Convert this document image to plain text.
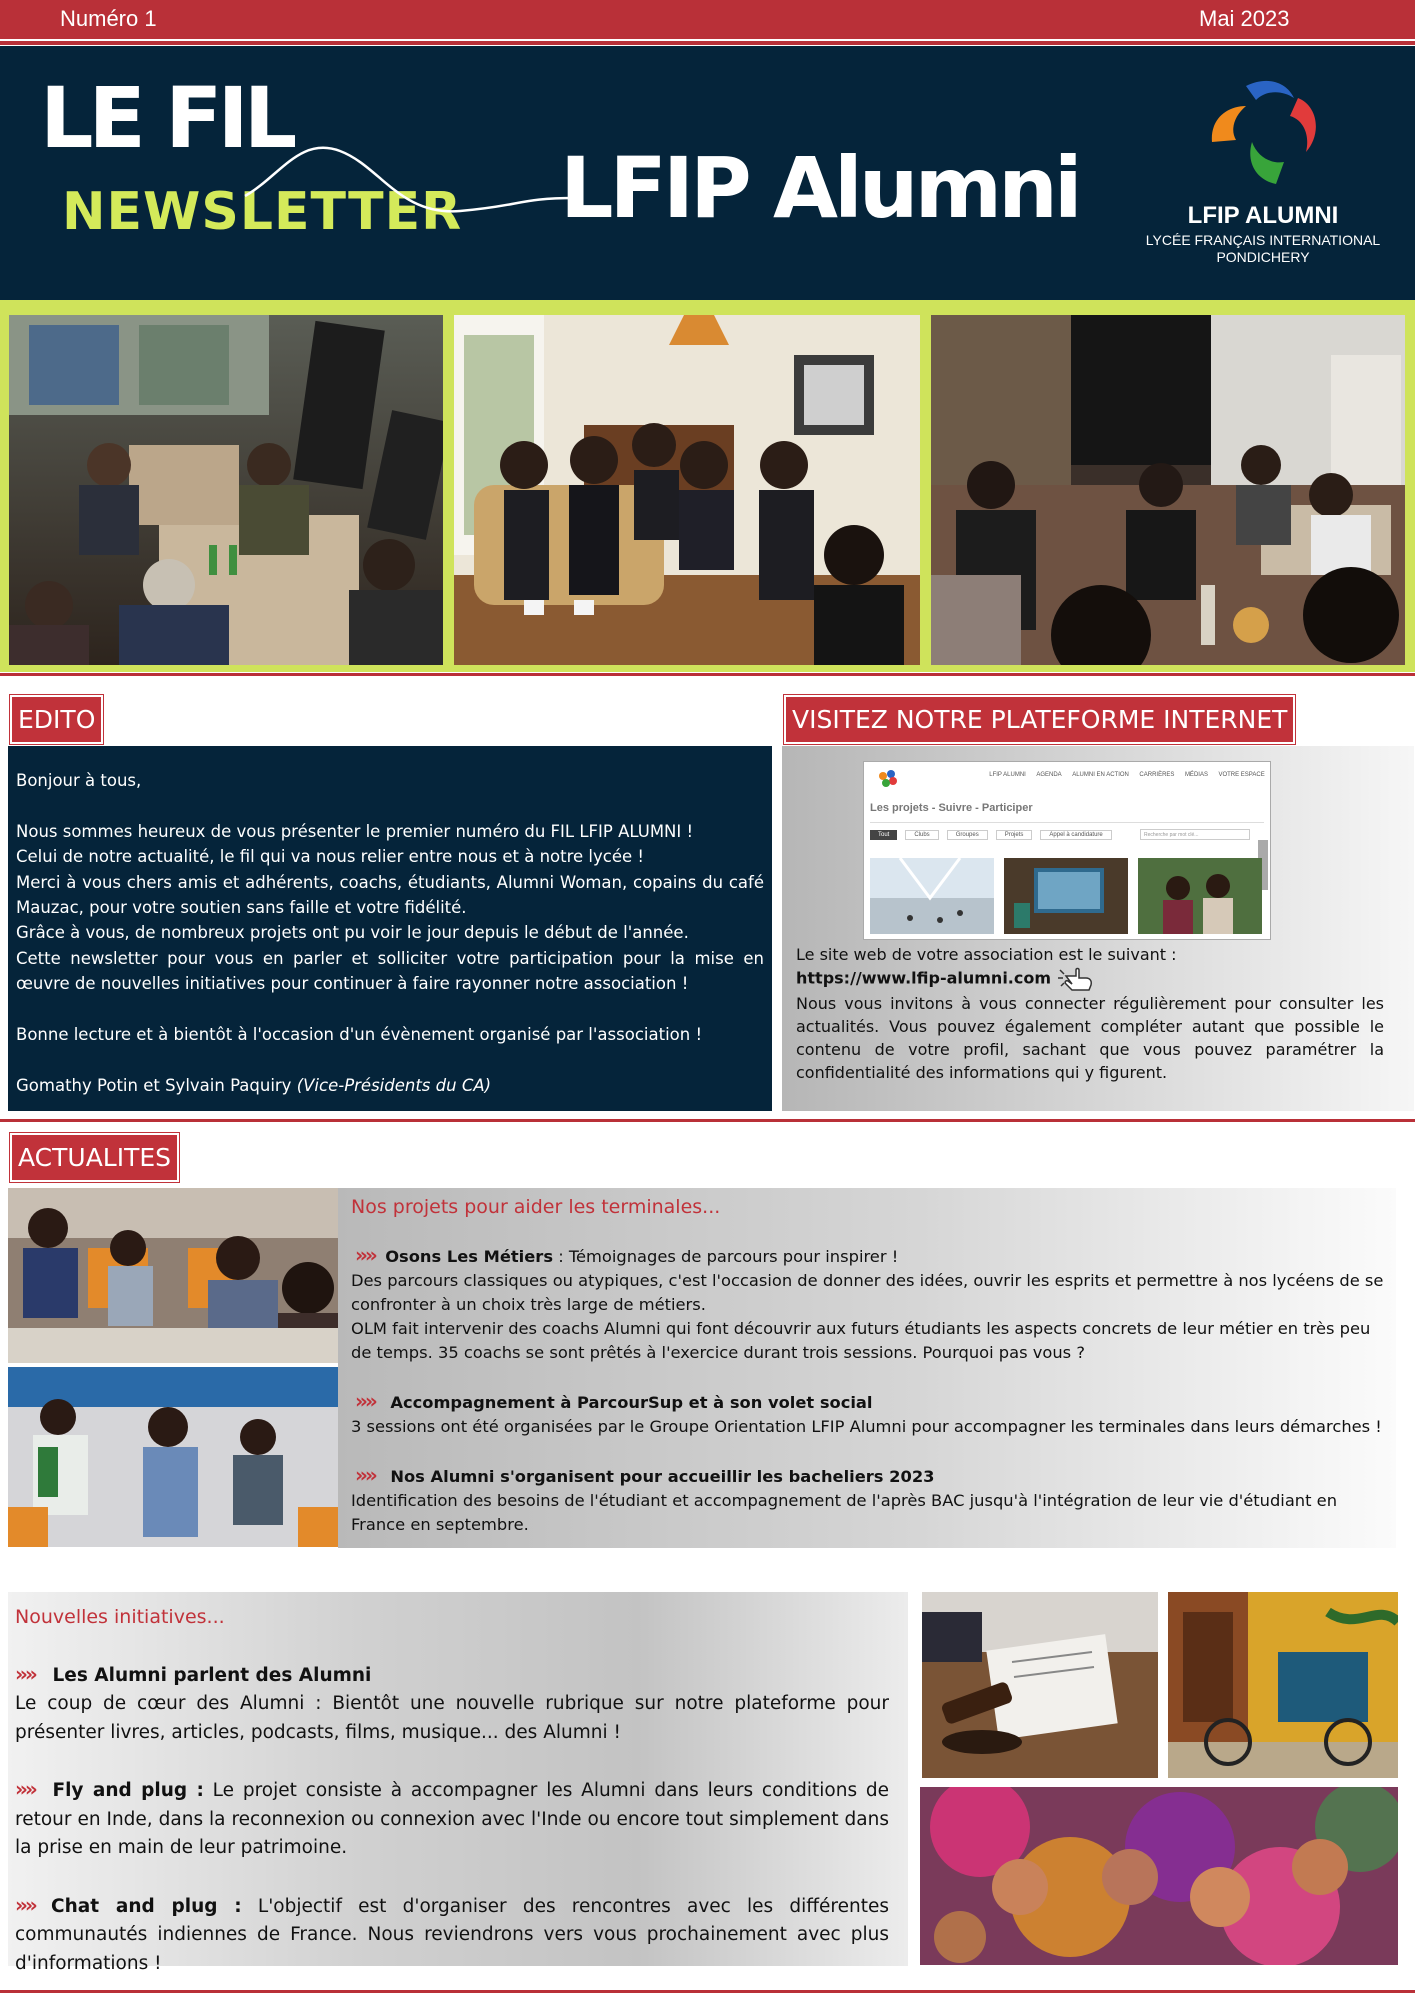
Numéro 1	Mai 2023
LE FIL
NEWSLETTER LFIP Alumni	LFIP ALUMNI
LYCÉE FRANÇAIS INTERNATIONAL
PONDICHERY
EDITO

Bonjour à tous,

Nous sommes heureux de vous présenter le premier numéro du FIL LFIP ALUMNI !

Celui de notre actualité, le fil qui va nous relier entre nous et à notre lycée !

Merci à vous chers amis et adhérents, coachs, étudiants, Alumni Woman, copains du café Mauzac, pour votre soutien sans faille et votre fidélité.

Grâce à vous, de nombreux projets ont pu voir le jour depuis le début de l'année.

Cette newsletter pour vous en parler et solliciter votre participation pour la mise en œuvre de nouvelles initiatives pour continuer à faire rayonner notre association !

Bonne lecture et à bientôt à l'occasion d'un évènement organisé par l'association !

Gomathy Potin et Sylvain Paquiry (Vice-Présidents du CA)

VISITEZ NOTRE PLATEFORME INTERNET
LFIP ALUMNI AGENDA ALUMNI EN ACTION CARRIÈRES MÉDIAS VOTRE ESPACE
Les projets - Suivre - Participer
Tout	Clubs	Groupes	Projets	Appel à candidature	Recherche par mot clé...

Le site web de votre association est le suivant :

https://www.lfip-alumni.com

Nous vous invitons à vous connecter régulièrement pour consulter les actualités. Vous pouvez également compléter autant que possible le contenu de votre profil, sachant que vous pouvez paramétrer la confidentialité des informations qui y figurent.

ACTUALITES

Nos projets pour aider les terminales...

»» Osons Les Métiers : Témoignages de parcours pour inspirer !

Des parcours classiques ou atypiques, c'est l'occasion de donner des idées, ouvrir les esprits et permettre à nos lycéens de se confronter à un choix très large de métiers.

OLM fait intervenir des coachs Alumni qui font découvrir aux futurs étudiants les aspects concrets de leur métier en très peu de temps. 35 coachs se sont prêtés à l'exercice durant trois sessions. Pourquoi pas vous ?

»» Accompagnement à ParcourSup et à son volet social

3 sessions ont été organisées par le Groupe Orientation LFIP Alumni pour accompagner les terminales dans leurs démarches !

»» Nos Alumni s'organisent pour accueillir les bacheliers 2023

Identification des besoins de l'étudiant et accompagnement de l'après BAC jusqu'à l'intégration de leur vie d'étudiant en France en septembre.

Nouvelles initiatives...

»» Les Alumni parlent des Alumni

Le coup de cœur des Alumni : Bientôt une nouvelle rubrique sur notre plateforme pour présenter livres, articles, podcasts, films, musique... des Alumni !

»» Fly and plug : Le projet consiste à accompagner les Alumni dans leurs conditions de retour en Inde, dans la reconnexion ou connexion avec l'Inde ou encore tout simplement dans la prise en main de leur patrimoine.

»» Chat and plug : L'objectif est d'organiser des rencontres avec les différentes communautés indiennes de France. Nous reviendrons vers vous prochainement avec plus d'informations !
